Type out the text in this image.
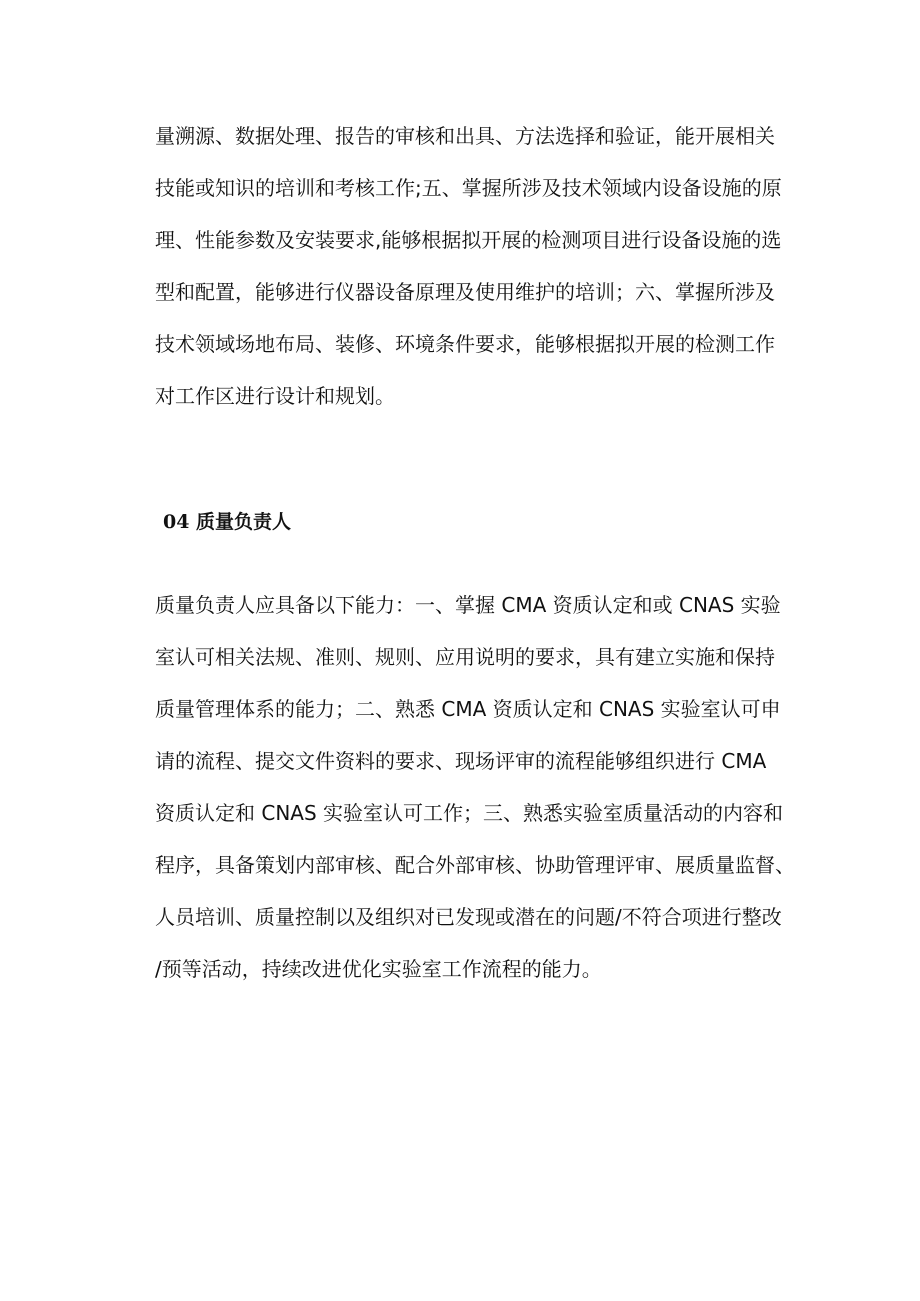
量溯源、数据处理、报告的审核和出具、方法选择和验证，能开展相关
技能或知识的培训和考核工作;五、掌握所涉及技术领域内设备设施的原
理、性能参数及安装要求,能够根据拟开展的检测项目进行设备设施的选
型和配置，能够进行仪器设备原理及使用维护的培训；六、掌握所涉及
技术领域场地布局、装修、环境条件要求，能够根据拟开展的检测工作
对工作区进行设计和规划。

04 质量负责人

质量负责人应具备以下能力：一、掌握 CMA 资质认定和或 CNAS 实验
室认可相关法规、准则、规则、应用说明的要求，具有建立实施和保持
质量管理体系的能力；二、熟悉 CMA 资质认定和 CNAS 实验室认可申
请的流程、提交文件资料的要求、现场评审的流程能够组织进行 CMA
资质认定和 CNAS 实验室认可工作；三、熟悉实验室质量活动的内容和
程序，具备策划内部审核、配合外部审核、协助管理评审、展质量监督、
人员培训、质量控制以及组织对已发现或潜在的问题/不符合项进行整改
/预等活动，持续改进优化实验室工作流程的能力。
